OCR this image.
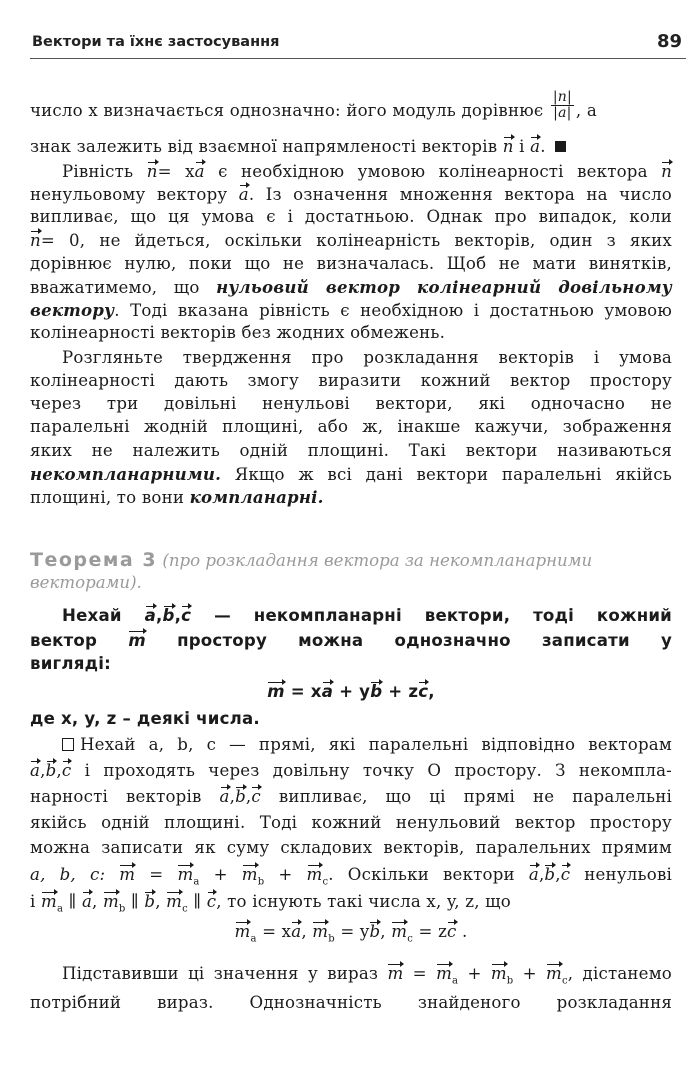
Вектори та їхнє застосування	89
число x визначається однозначно: його модуль дорівнює $\frac{|n|}{|a|}$ , а
знак залежить від взаємної напрямленості векторів n і a.
Рівність n= xa є необхідною умовою колінеарності вектора n
ненульовому вектору a. Із означення множення вектора на число
випливає, що ця умова є і достатньою. Однак про випадок, коли
n= 0, не йдеться, оскільки колінеарність векторів, один з яких
дорівнює нулю, поки що не визначалась. Щоб не мати винятків,
вважатимемо, що нульовий вектор колінеарний довільному
вектору. Тоді вказана рівність є необхідною і достатньою умовою
колінеарності векторів без жодних обмежень.
Розгляньте твердження про розкладання векторів і умова
колінеарності дають змогу виразити кожний вектор простору
через три довільні ненульові вектори, які одночасно не
паралельні жодній площині, або ж, інакше кажучи, зображення
яких не належить одній площині. Такі вектори називаються
некомпланарними. Якщо ж всі дані вектори паралельні якійсь
площині, то вони компланарні.
Теорема 3 (про розкладання вектора за некомпланарними
векторами).
Нехай a,b,c — некомпланарні вектори, тоді кожний
вектор m простору можна однозначно записати у
вигляді:
m = xa + yb + zc,
де x, y, z – деякі числа.
Нехай a, b, c — прямі, які паралельні відповідно векторам
a,b,c і проходять через довільну точку O простору. З некомпла-
нарності векторів a,b,c випливає, що ці прямі не паралельні
якійсь одній площині. Тоді кожний ненульовий вектор простору
можна записати як суму складових векторів, паралельних прямим
a, b, c: $m = m_a + m_b + m_c$. Оскільки вектори a,b,c ненульові
і $m_a$ ∥ a, $m_b$ ∥ b, $m_c$ ∥ c, то існують такі числа x, y, z, що
$m_a$ = xa, $m_b$ = yb, $m_c$ = zc .
Підставивши ці значення у вираз $m = m_a + m_b + m_c$, дістанемо
потрібний вираз. Однозначність знайденого розкладання
